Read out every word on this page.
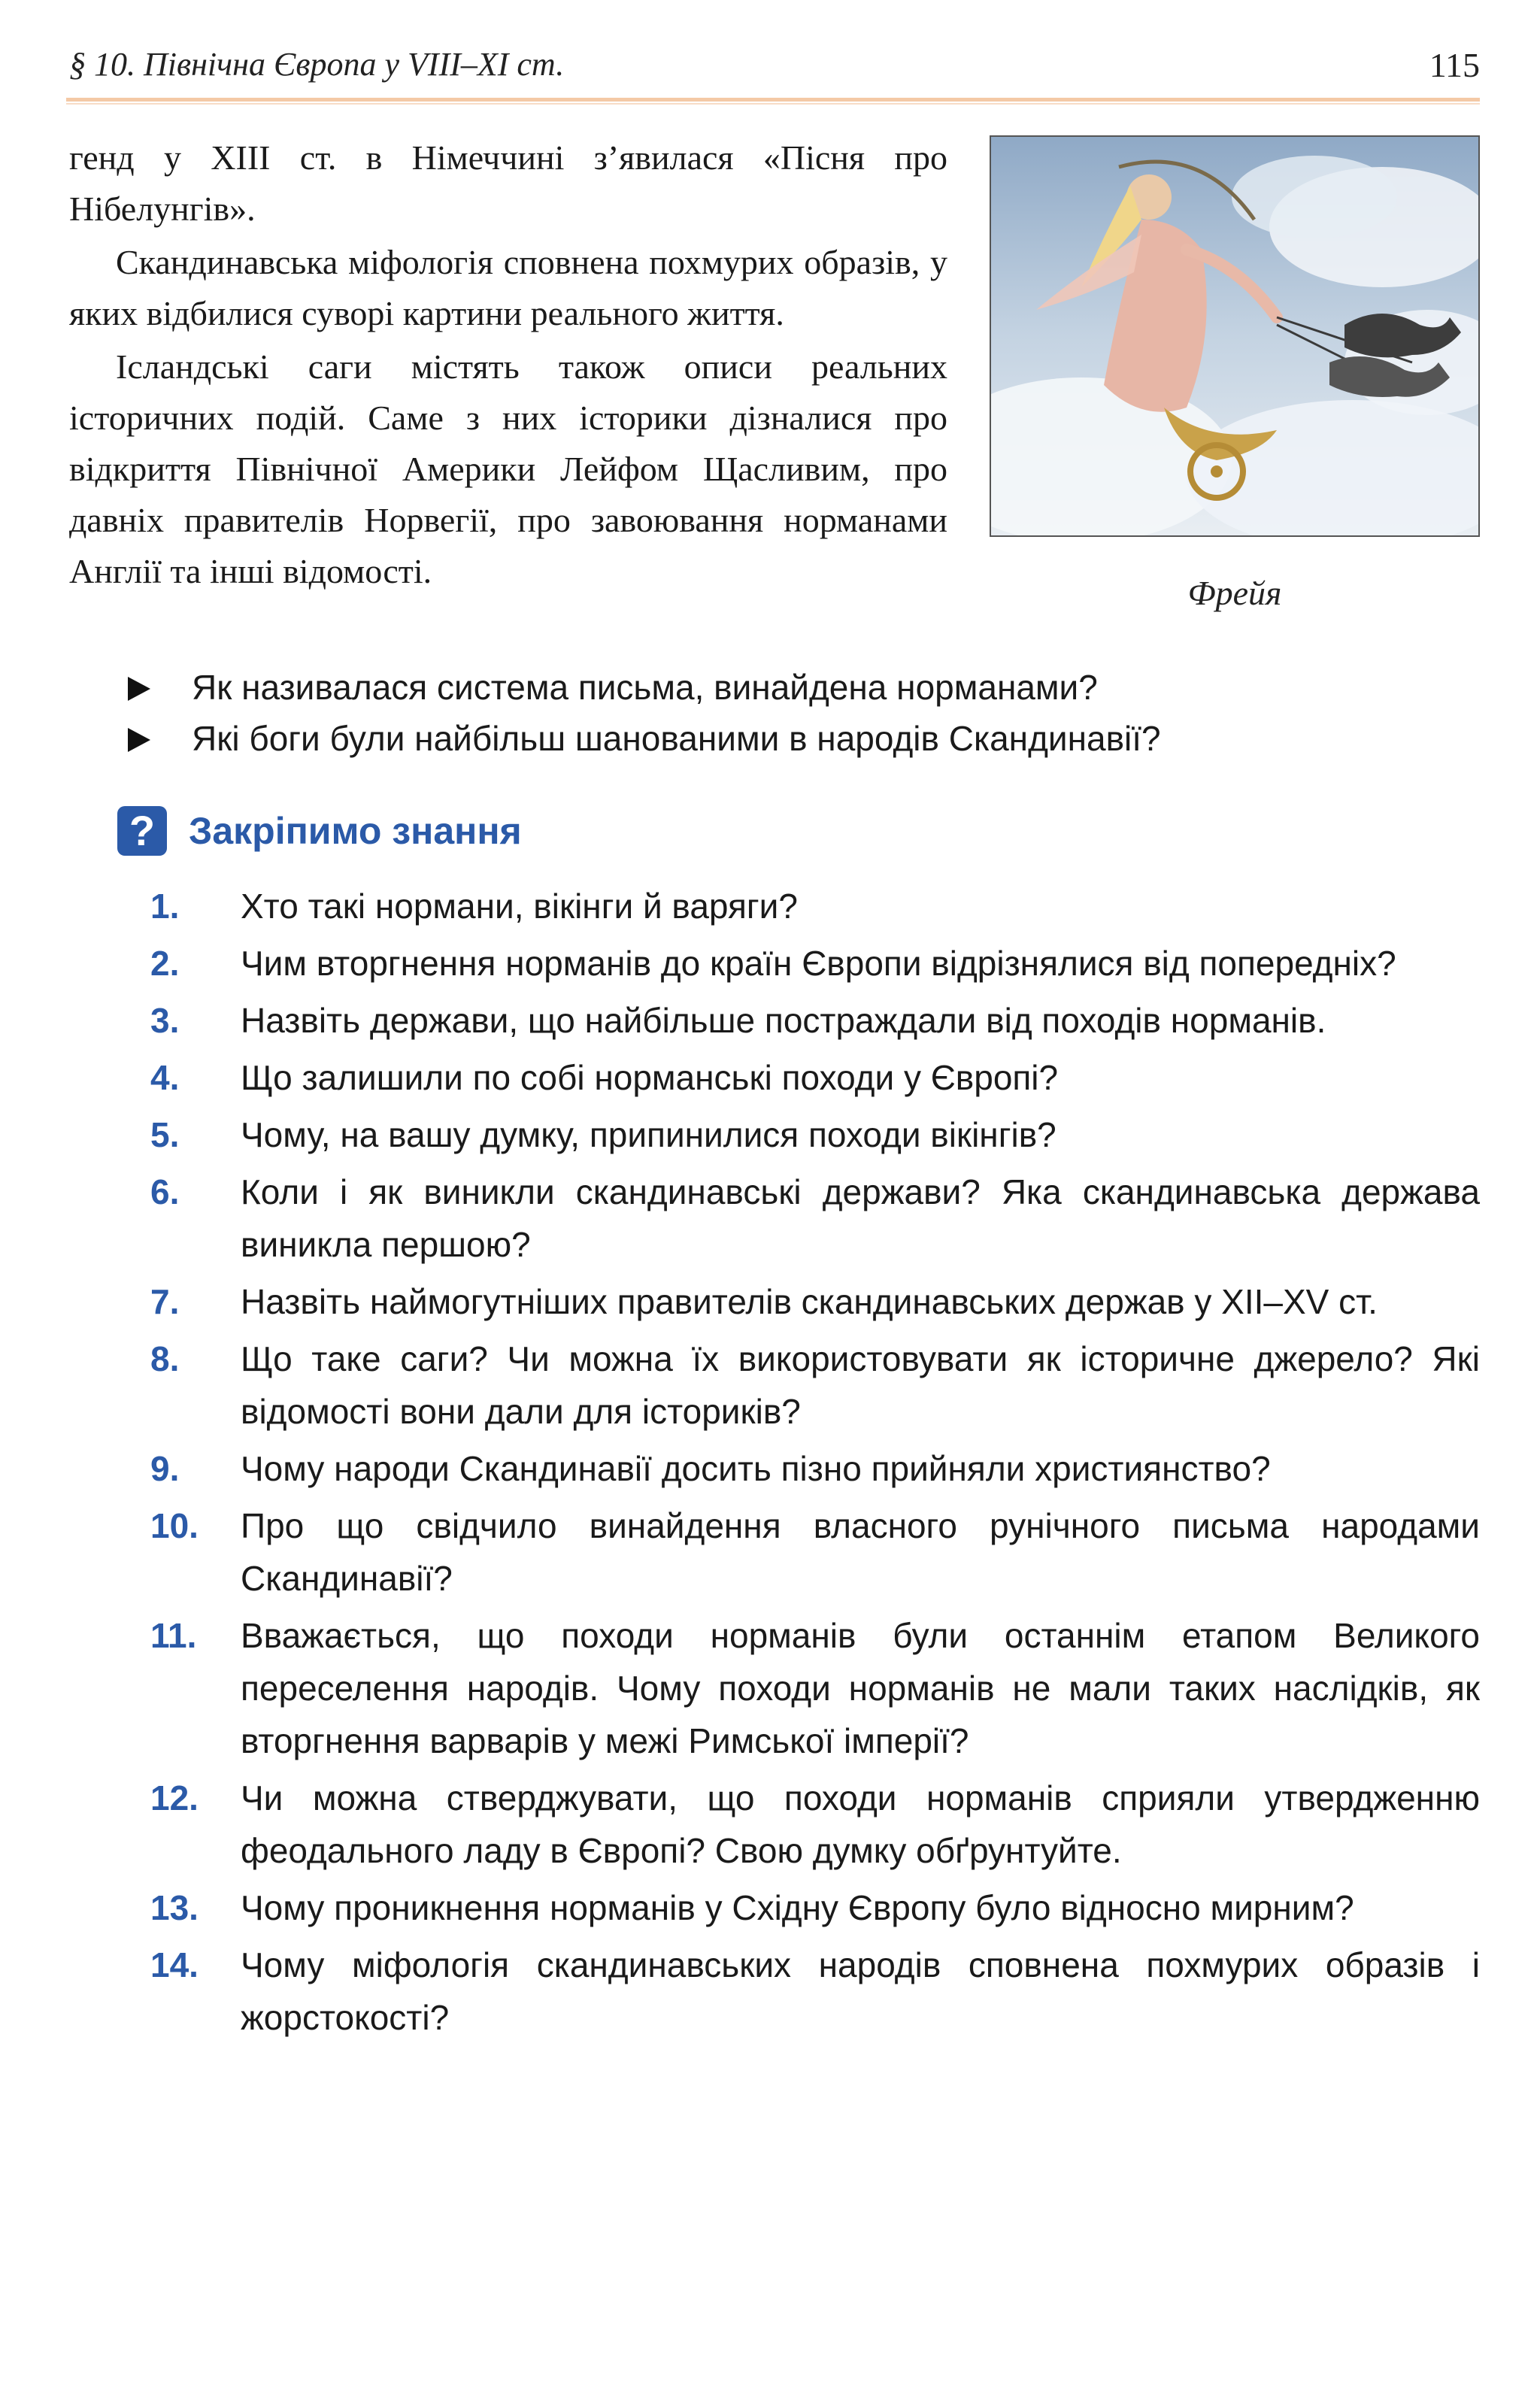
§ 10. Північна Європа у VIII–XI ст.	115

генд у XIII ст. в Німеччині з’явилася «Пісня про Нібелунгів».

Скандинавська міфологія сповнена похмурих образів, у яких відбилися суворі картини реального життя.

Ісландські саги містять також описи реальних історичних подій. Саме з них історики дізналися про відкриття Північної Америки Лейфом Щасливим, про давніх правителів Норвегії, про завоювання норманами Англії та інші відомості.

Фрейя
Як називалася система письма, винайдена норманами?
Які боги були найбільш шанованими в народів Скандинавії?
? Закріпимо знання
1.	Хто такі нормани, вікінги й варяги?
2.	Чим вторгнення норманів до країн Європи відрізнялися від попередніх?
3.	Назвіть держави, що найбільше постраждали від походів норманів.
4.	Що залишили по собі норманські походи у Європі?
5.	Чому, на вашу думку, припинилися походи вікінгів?
6.	Коли і як виникли скандинавські держави? Яка скандинавська держава виникла першою?
7.	Назвіть наймогутніших правителів скандинавських держав у XII–XV ст.
8.	Що таке саги? Чи можна їх використовувати як історичне джерело? Які відомості вони дали для істориків?
9.	Чому народи Скандинавії досить пізно прийняли християнство?
10.	Про що свідчило винайдення власного рунічного письма народами Скандинавії?
11.	Вважається, що походи норманів були останнім етапом Великого переселення народів. Чому походи норманів не мали таких наслідків, як вторгнення варварів у межі Римської імперії?
12.	Чи можна стверджувати, що походи норманів сприяли утвердженню феодального ладу в Європі? Свою думку обґрунтуйте.
13.	Чому проникнення норманів у Східну Європу було відносно мирним?
14.	Чому міфологія скандинавських народів сповнена похмурих образів і жорстокості?
